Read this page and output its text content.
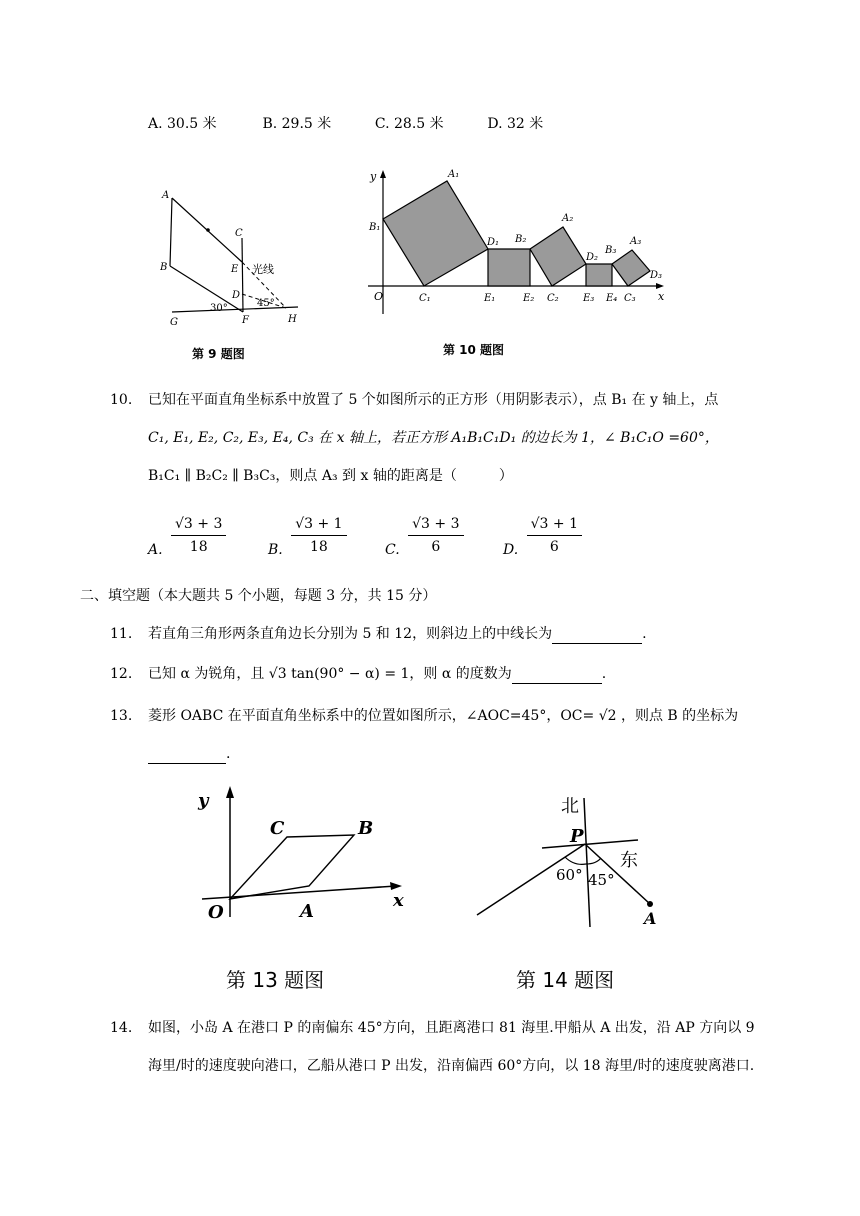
A. 30.5 米	B. 29.5 米	C. 28.5 米	D. 32 米
A
B
C
E
D
F
G	H
光线
30°	45°
第 9 题图
y
x
O
B₁
A₁
C₁
D₁ B₂
A₂
E₁	E₂ C₂
D₂
B₃
A₃
D₃
E₃ E₄ C₃
第 10 题图
10. 已知在平面直角坐标系中放置了 5 个如图所示的正方形（用阴影表示），点 B₁ 在 y 轴上，点
C₁, E₁, E₂, C₂, E₃, E₄, C₃ 在 x 轴上，若正方形 A₁B₁C₁D₁ 的边长为 1，∠ B₁C₁O =60°，
B₁C₁ ∥ B₂C₂ ∥ B₃C₃，则点 A₃ 到 x 轴的距离是（　　　）
A. $\frac{√3 + 3}{18}$	B. $\frac{√3 + 1}{18}$	C. $\frac{√3 + 3}{6}$	D. $\frac{√3 + 1}{6}$
二、填空题（本大题共 5 个小题，每题 3 分，共 15 分）
11. 若直角三角形两条直角边长分别为 5 和 12，则斜边上的中线长为	.
12. 已知 α 为锐角，且 √3 tan(90° − α) = 1，则 α 的度数为	.
13. 菱形 OABC 在平面直角坐标系中的位置如图所示，∠AOC=45°，OC= √2 ，则点 B 的坐标为
.
y
x
O	A
B
C
第 13 题图
北
东
P
A
60° 45°
第 14 题图
14. 如图，小岛 A 在港口 P 的南偏东 45°方向，且距离港口 81 海里.甲船从 A 出发，沿 AP 方向以 9
海里/时的速度驶向港口，乙船从港口 P 出发，沿南偏西 60°方向，以 18 海里/时的速度驶离港口.
